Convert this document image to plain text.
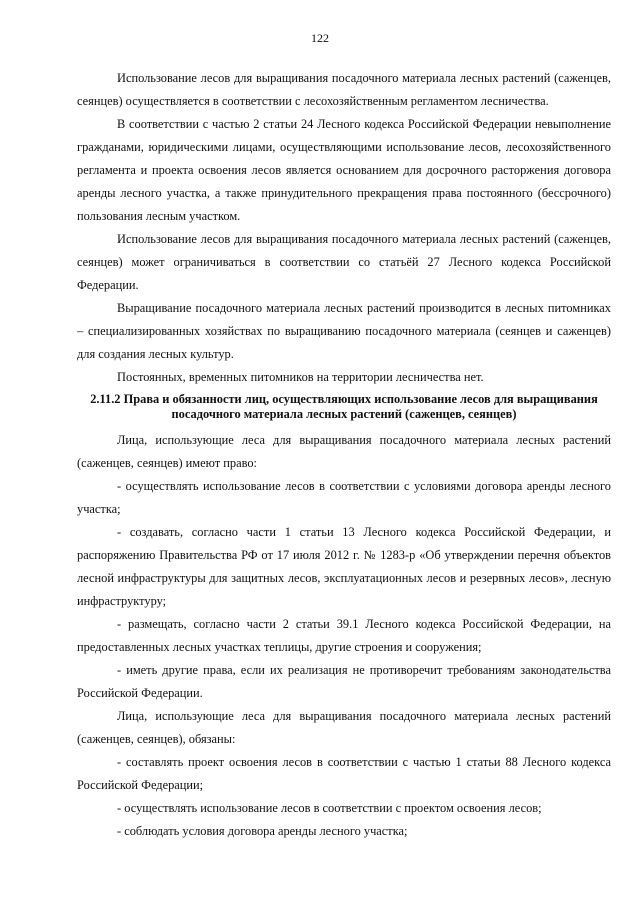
122

Использование лесов для выращивания посадочного материала лесных растений (саженцев, сеянцев) осуществляется в соответствии с лесохозяйственным регламентом лесничества.

В соответствии с частью 2 статьи 24 Лесного кодекса Российской Федерации невыполнение гражданами, юридическими лицами, осуществляющими использование лесов, лесохозяйственного регламента и проекта освоения лесов является основанием для досрочного расторжения договора аренды лесного участка, а также принудительного прекращения права постоянного (бессрочного) пользования лесным участком.

Использование лесов для выращивания посадочного материала лесных растений (саженцев, сеянцев) может ограничиваться в соответствии со статьёй 27 Лесного кодекса Российской Федерации.

Выращивание посадочного материала лесных растений производится в лесных питомниках – специализированных хозяйствах по выращиванию посадочного материала (сеянцев и саженцев) для создания лесных культур.

Постоянных, временных питомников на территории лесничества нет.

2.11.2 Права и обязанности лиц, осуществляющих использование лесов для выращивания посадочного материала лесных растений (саженцев, сеянцев)

Лица, использующие леса для выращивания посадочного материала лесных растений (саженцев, сеянцев) имеют право:

- осуществлять использование лесов в соответствии с условиями договора аренды лесного участка;

- создавать, согласно части 1 статьи 13 Лесного кодекса Российской Федерации, и распоряжению Правительства РФ от 17 июля 2012 г. № 1283-р «Об утверждении перечня объектов лесной инфраструктуры для защитных лесов, эксплуатационных лесов и резервных лесов», лесную инфраструктуру;

- размещать, согласно части 2 статьи 39.1 Лесного кодекса Российской Федерации, на предоставленных лесных участках теплицы, другие строения и сооружения;

- иметь другие права, если их реализация не противоречит требованиям законодательства Российской Федерации.

Лица, использующие леса для выращивания посадочного материала лесных растений (саженцев, сеянцев), обязаны:

- составлять проект освоения лесов в соответствии с частью 1 статьи 88 Лесного кодекса Российской Федерации;

- осуществлять использование лесов в соответствии с проектом освоения лесов;

- соблюдать условия договора аренды лесного участка;
